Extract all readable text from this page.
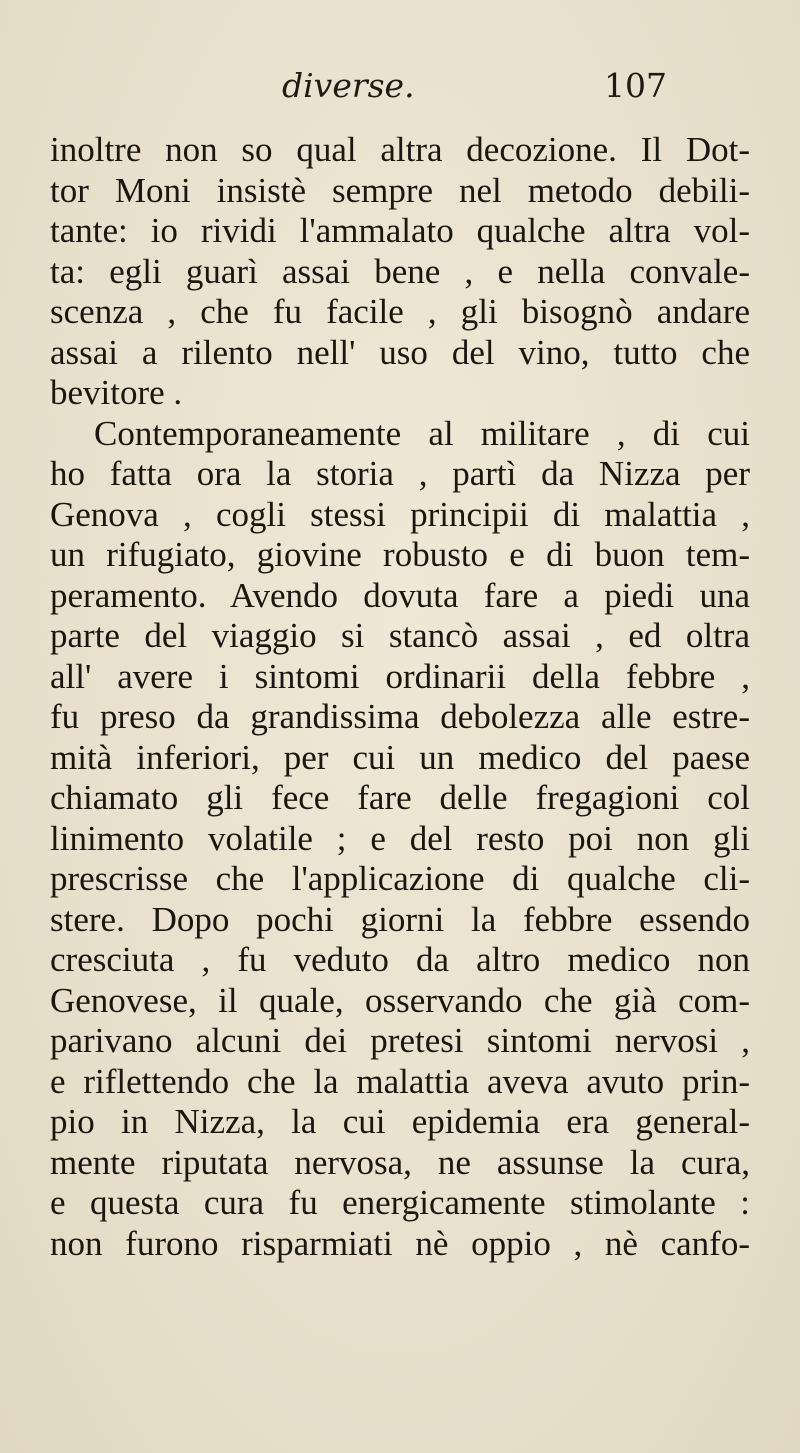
diverse.	107
inoltre non so qual altra decozione. Il Dot-
tor Moni insistè sempre nel metodo debili-
tante: io rividi l'ammalato qualche altra vol-
ta: egli guarì assai bene , e nella convale-
scenza , che fu facile , gli bisognò andare
assai a rilento nell' uso del vino, tutto che
bevitore .
Contemporaneamente al militare , di cui
ho fatta ora la storia , partì da Nizza per
Genova , cogli stessi principii di malattia ,
un rifugiato, giovine robusto e di buon tem-
peramento. Avendo dovuta fare a piedi una
parte del viaggio si stancò assai , ed oltra
all' avere i sintomi ordinarii della febbre ,
fu preso da grandissima debolezza alle estre-
mità inferiori, per cui un medico del paese
chiamato gli fece fare delle fregagioni col
linimento volatile ; e del resto poi non gli
prescrisse che l'applicazione di qualche cli-
stere. Dopo pochi giorni la febbre essendo
cresciuta , fu veduto da altro medico non
Genovese, il quale, osservando che già com-
parivano alcuni dei pretesi sintomi nervosi ,
e riflettendo che la malattia aveva avuto prin-
pio in Nizza, la cui epidemia era general-
mente riputata nervosa, ne assunse la cura,
e questa cura fu energicamente stimolante :
non furono risparmiati nè oppio , nè canfo-
